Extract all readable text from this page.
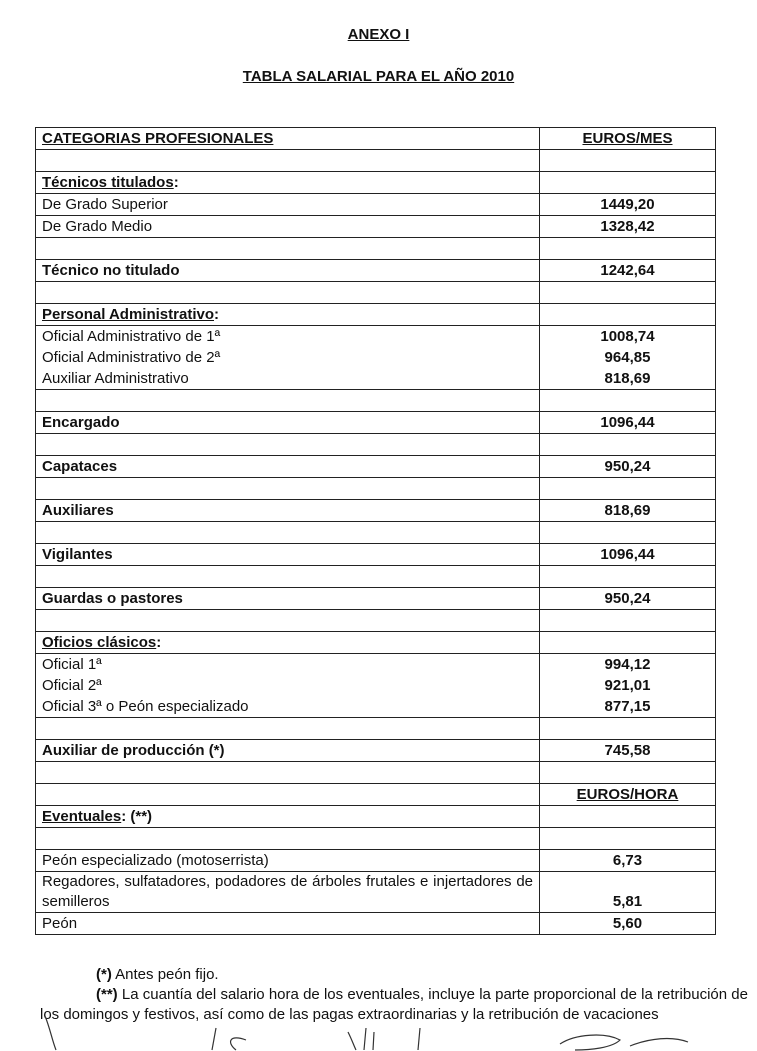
ANEXO I
TABLA SALARIAL PARA EL AÑO 2010
CATEGORIAS PROFESIONALES	EUROS/MES

Técnicos titulados:	
De Grado Superior	1449,20
De Grado Medio	1328,42

Técnico no titulado	1242,64

Personal Administrativo:	
Oficial Administrativo de 1ª	1008,74
Oficial Administrativo de 2ª	964,85
Auxiliar Administrativo	818,69

Encargado	1096,44

Capataces	950,24

Auxiliares	818,69

Vigilantes	1096,44

Guardas o pastores	950,24

Oficios clásicos:	
Oficial 1ª	994,12
Oficial 2ª	921,01
Oficial 3ª o Peón especializado	877,15

Auxiliar de producción (*)	745,58

	EUROS/HORA
Eventuales: (**)	

Peón especializado (motoserrista)	6,73
Regadores, sulfatadores, podadores de árboles frutales e injertadores de semilleros	5,81
Peón	5,60

(*) Antes peón fijo.

(**) La cuantía del salario hora de los eventuales, incluye la parte proporcional de la retribución de los domingos y festivos, así como de las pagas extraordinarias y la retribución de vacaciones
